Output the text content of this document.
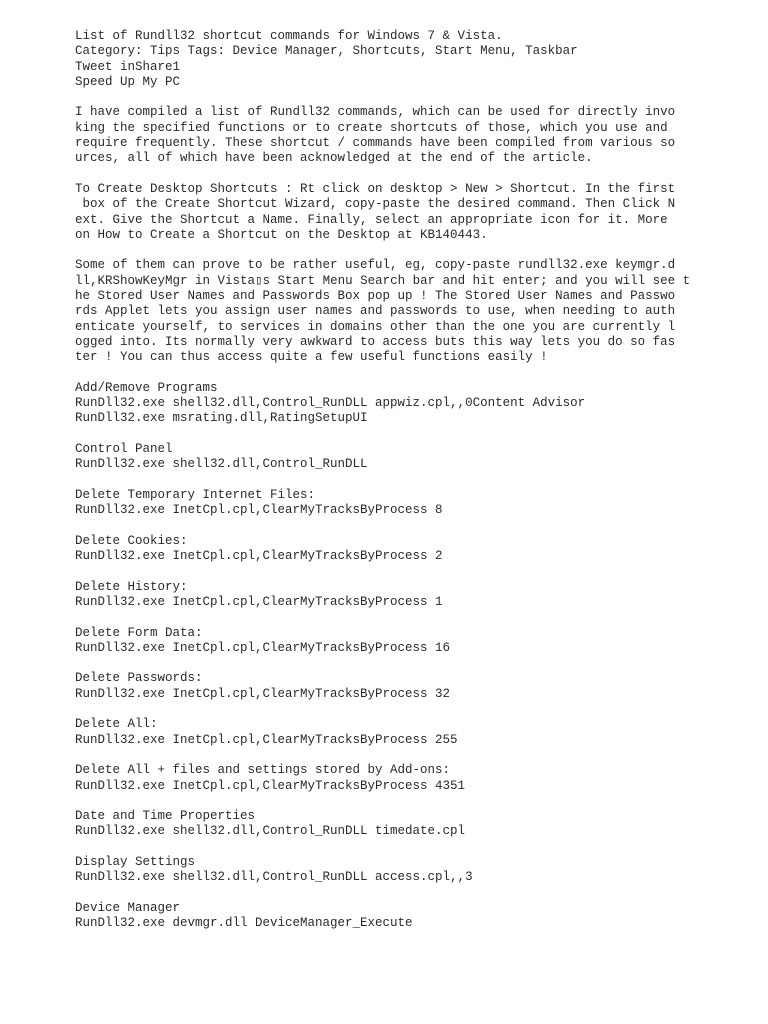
List of Rundll32 shortcut commands for Windows 7 & Vista.
Category: Tips Tags: Device Manager, Shortcuts, Start Menu, Taskbar
Tweet inShare1
Speed Up My PC
I have compiled a list of Rundll32 commands, which can be used for directly invo
king the specified functions or to create shortcuts of those, which you use and
require frequently. These shortcut / commands have been compiled from various so
urces, all of which have been acknowledged at the end of the article.
To Create Desktop Shortcuts : Rt click on desktop > New > Shortcut. In the first
box of the Create Shortcut Wizard, copy-paste the desired command. Then Click N
ext. Give the Shortcut a Name. Finally, select an appropriate icon for it. More
on How to Create a Shortcut on the Desktop at KB140443.
Some of them can prove to be rather useful, eg, copy-paste rundll32.exe keymgr.d
ll,KRShowKeyMgr in Vista▯s Start Menu Search bar and hit enter; and you will see t
he Stored User Names and Passwords Box pop up ! The Stored User Names and Passwo
rds Applet lets you assign user names and passwords to use, when needing to auth
enticate yourself, to services in domains other than the one you are currently l
ogged into. Its normally very awkward to access buts this way lets you do so fas
ter ! You can thus access quite a few useful functions easily !
Add/Remove Programs
RunDll32.exe shell32.dll,Control_RunDLL appwiz.cpl,,0Content Advisor
RunDll32.exe msrating.dll,RatingSetupUI
Control Panel
RunDll32.exe shell32.dll,Control_RunDLL
Delete Temporary Internet Files:
RunDll32.exe InetCpl.cpl,ClearMyTracksByProcess 8
Delete Cookies:
RunDll32.exe InetCpl.cpl,ClearMyTracksByProcess 2
Delete History:
RunDll32.exe InetCpl.cpl,ClearMyTracksByProcess 1
Delete Form Data:
RunDll32.exe InetCpl.cpl,ClearMyTracksByProcess 16
Delete Passwords:
RunDll32.exe InetCpl.cpl,ClearMyTracksByProcess 32
Delete All:
RunDll32.exe InetCpl.cpl,ClearMyTracksByProcess 255
Delete All + files and settings stored by Add-ons:
RunDll32.exe InetCpl.cpl,ClearMyTracksByProcess 4351
Date and Time Properties
RunDll32.exe shell32.dll,Control_RunDLL timedate.cpl
Display Settings
RunDll32.exe shell32.dll,Control_RunDLL access.cpl,,3
Device Manager
RunDll32.exe devmgr.dll DeviceManager_Execute
